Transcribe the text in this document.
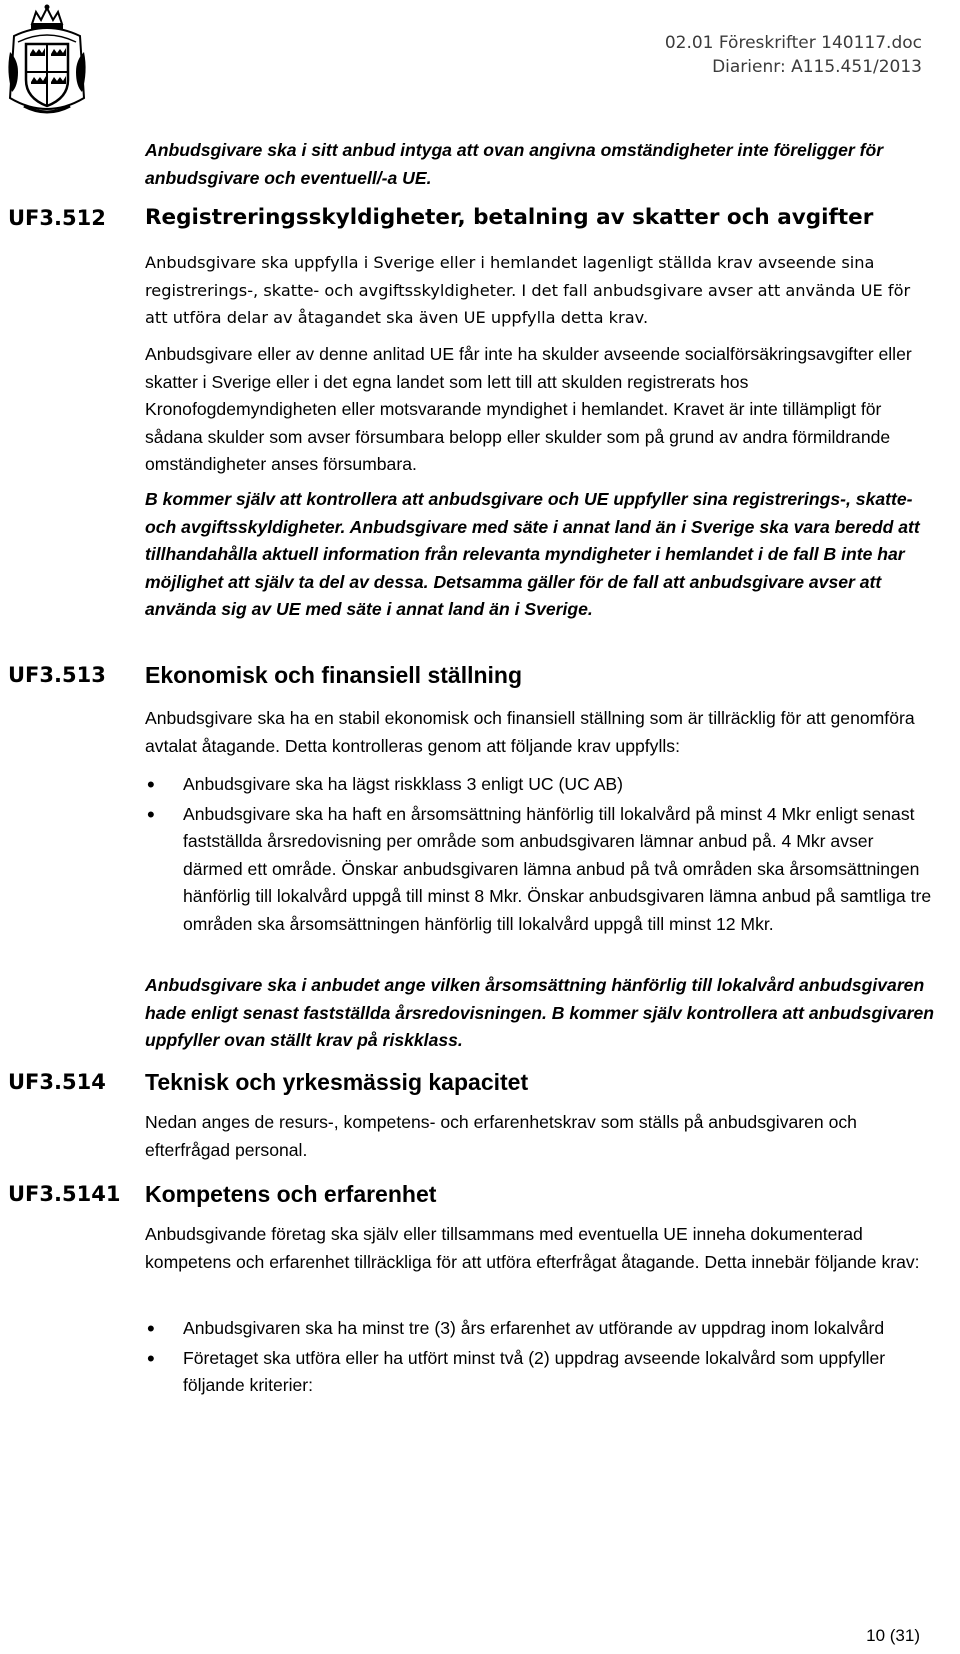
02.01 Föreskrifter 140117.doc
Diarienr: A115.451/2013

Anbudsgivare ska i sitt anbud intyga att ovan angivna omständigheter inte föreligger för anbudsgivare och eventuell/-a UE.

UF3.512 Registreringsskyldigheter, betalning av skatter och avgifter

Anbudsgivare ska uppfylla i Sverige eller i hemlandet lagenligt ställda krav avseende sina registrerings-, skatte- och avgiftsskyldigheter. I det fall anbudsgivare avser att använda UE för att utföra delar av åtagandet ska även UE uppfylla detta krav.

Anbudsgivare eller av denne anlitad UE får inte ha skulder avseende socialförsäkringsavgifter eller skatter i Sverige eller i det egna landet som lett till att skulden registrerats hos Kronofogdemyndigheten eller motsvarande myndighet i hemlandet. Kravet är inte tillämpligt för sådana skulder som avser försumbara belopp eller skulder som på grund av andra förmildrande omständigheter anses försumbara.

B kommer själv att kontrollera att anbudsgivare och UE uppfyller sina registrerings-, skatte- och avgiftsskyldigheter. Anbudsgivare med säte i annat land än i Sverige ska vara beredd att tillhandahålla aktuell information från relevanta myndigheter i hemlandet i de fall B inte har möjlighet att själv ta del av dessa. Detsamma gäller för de fall att anbudsgivare avser att använda sig av UE med säte i annat land än i Sverige.

UF3.513 Ekonomisk och finansiell ställning

Anbudsgivare ska ha en stabil ekonomisk och finansiell ställning som är tillräcklig för att genomföra avtalat åtagande. Detta kontrolleras genom att följande krav uppfylls:

• Anbudsgivare ska ha lägst riskklass 3 enligt UC (UC AB)
• Anbudsgivare ska ha haft en årsomsättning hänförlig till lokalvård på minst 4 Mkr enligt senast fastställda årsredovisning per område som anbudsgivaren lämnar anbud på. 4 Mkr avser därmed ett område. Önskar anbudsgivaren lämna anbud på två områden ska årsomsättningen hänförlig till lokalvård uppgå till minst 8 Mkr. Önskar anbudsgivaren lämna anbud på samtliga tre områden ska årsomsättningen hänförlig till lokalvård uppgå till minst 12 Mkr.

Anbudsgivare ska i anbudet ange vilken årsomsättning hänförlig till lokalvård anbudsgivaren hade enligt senast fastställda årsredovisningen. B kommer själv kontrollera att anbudsgivaren uppfyller ovan ställt krav på riskklass.

UF3.514 Teknisk och yrkesmässig kapacitet

Nedan anges de resurs-, kompetens- och erfarenhetskrav som ställs på anbudsgivaren och efterfrågad personal.

UF3.5141 Kompetens och erfarenhet

Anbudsgivande företag ska själv eller tillsammans med eventuella UE inneha dokumenterad kompetens och erfarenhet tillräckliga för att utföra efterfrågat åtagande. Detta innebär följande krav:

• Anbudsgivaren ska ha minst tre (3) års erfarenhet av utförande av uppdrag inom lokalvård
• Företaget ska utföra eller ha utfört minst två (2) uppdrag avseende lokalvård som uppfyller följande kriterier:
10 (31)
